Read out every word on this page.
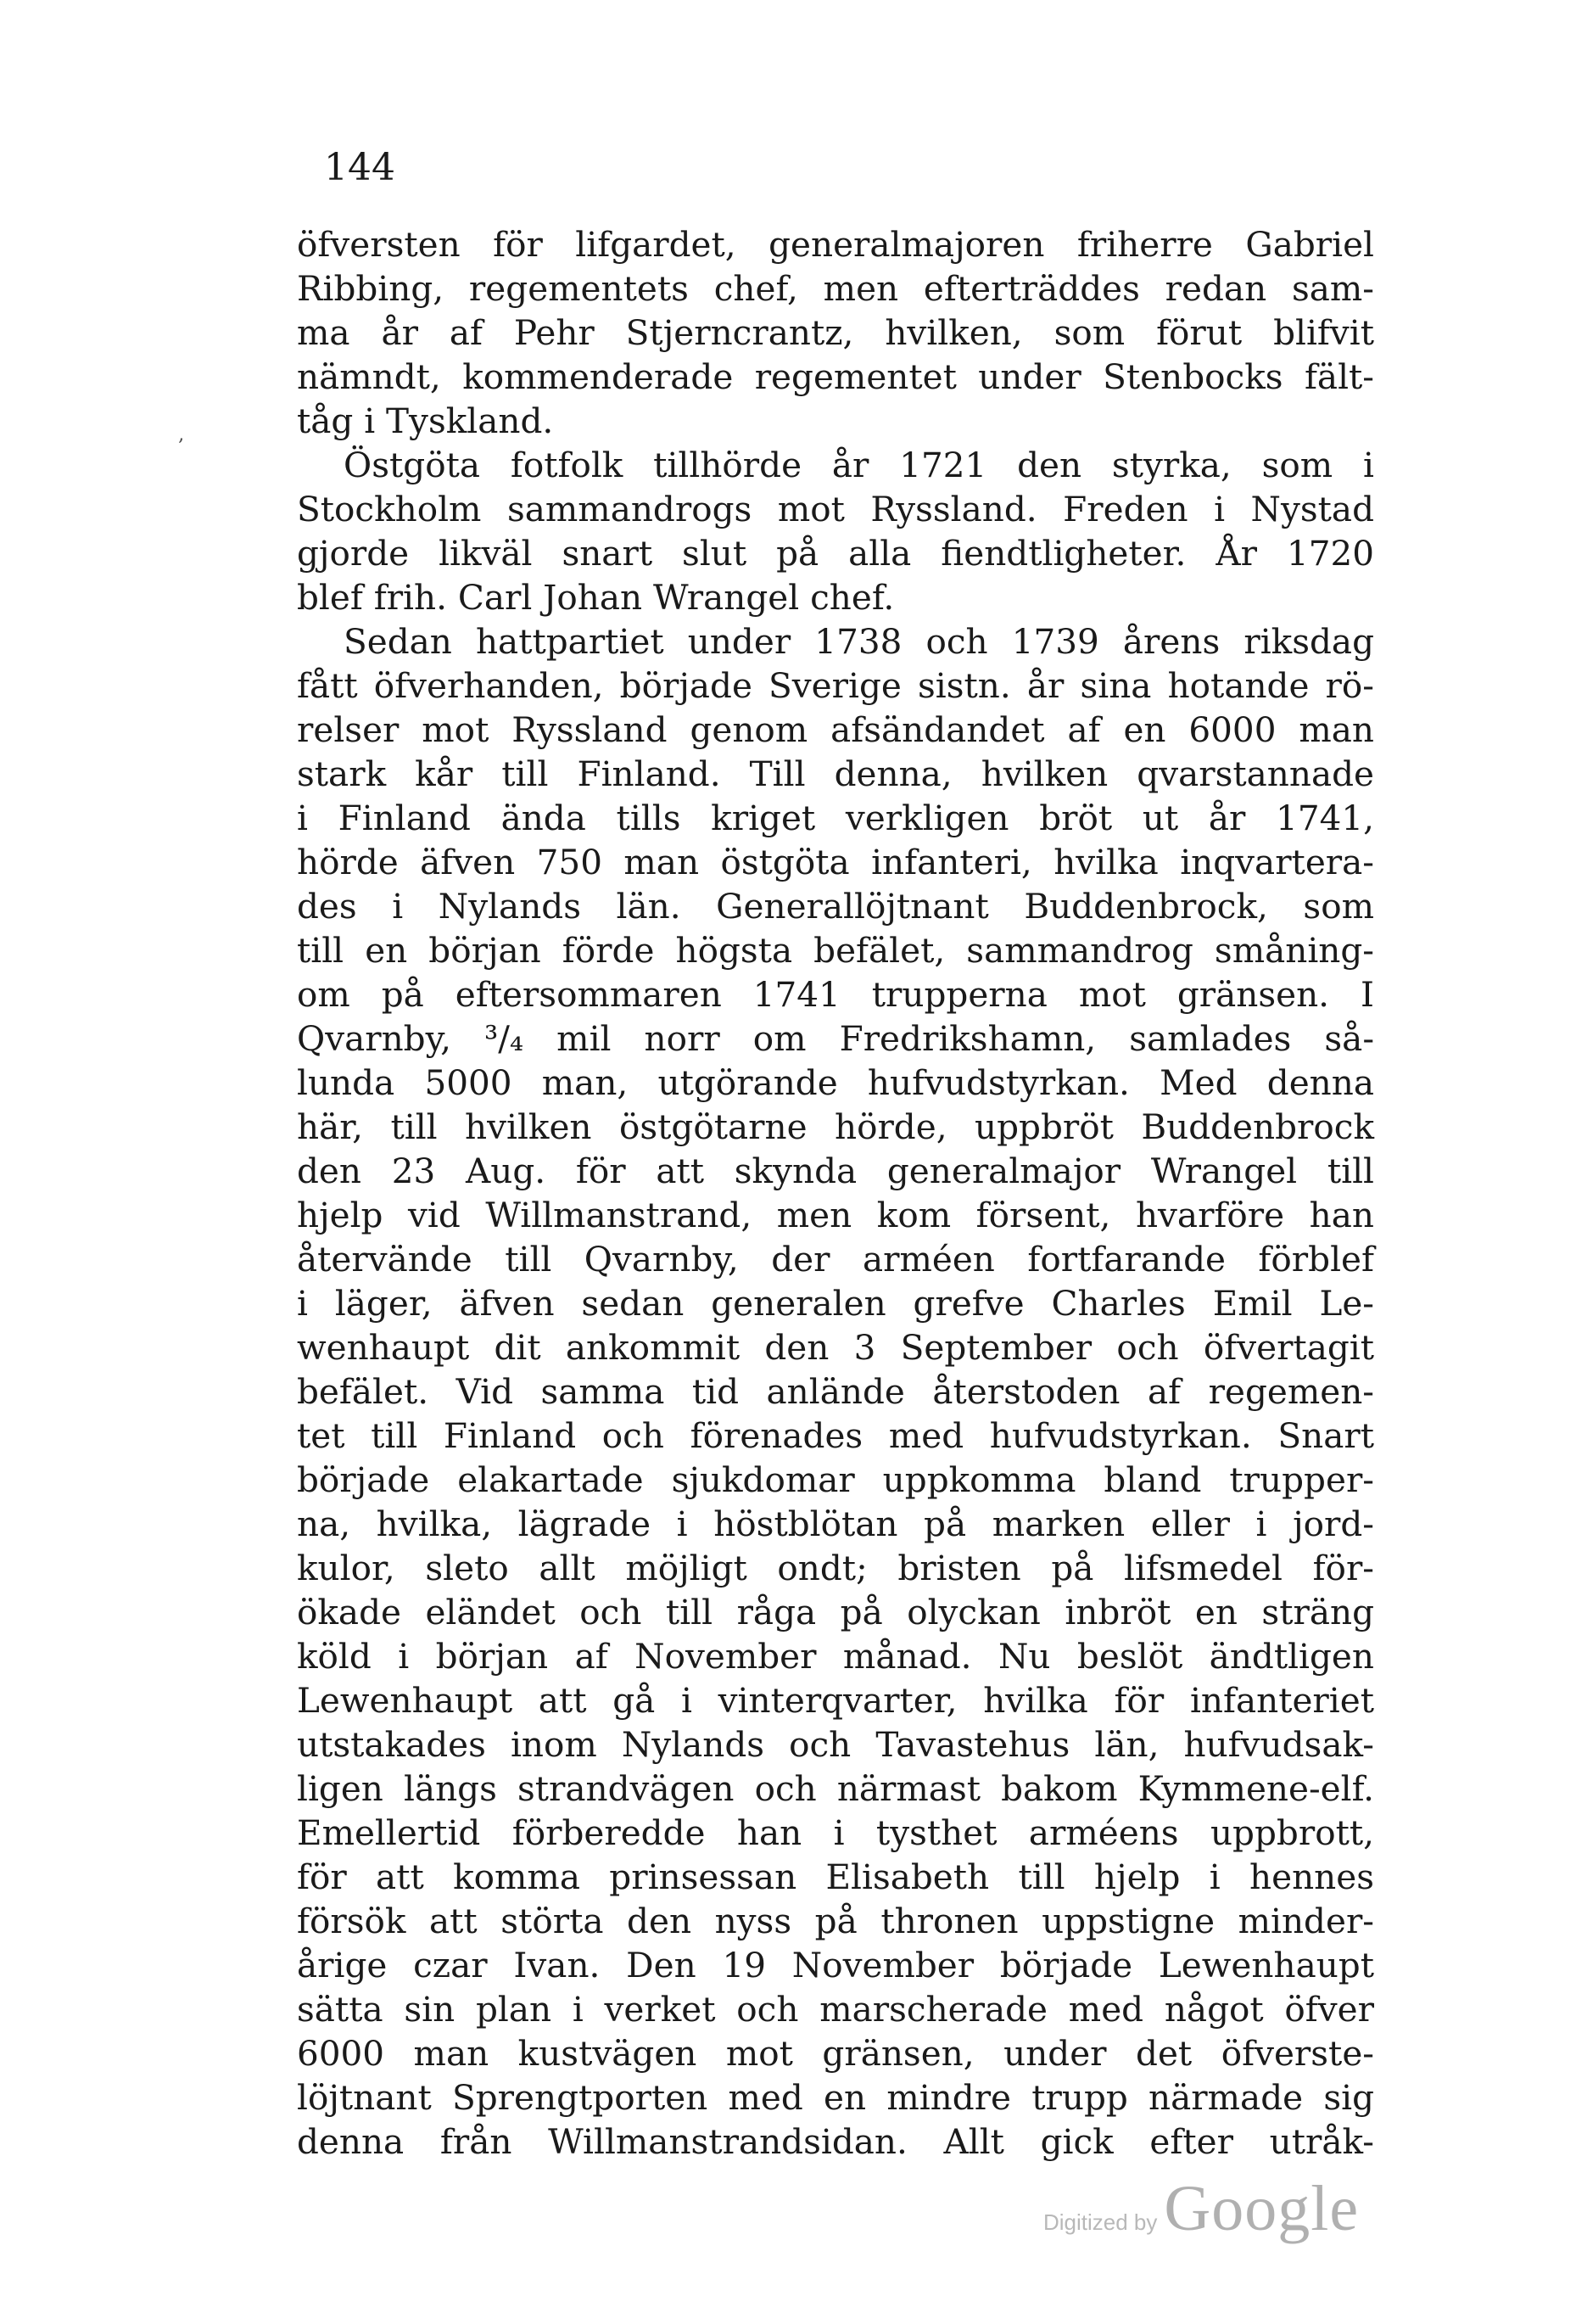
144
‚
öfversten för lifgardet, generalmajoren friherre Gabriel
Ribbing, regementets chef, men efterträddes redan sam-
ma år af Pehr Stjerncrantz, hvilken, som förut blifvit
nämndt, kommenderade regementet under Stenbocks fält-
tåg i Tyskland.
Östgöta fotfolk tillhörde år 1721 den styrka, som i
Stockholm sammandrogs mot Ryssland. Freden i Nystad
gjorde likväl snart slut på alla fiendtligheter. År 1720
blef frih. Carl Johan Wrangel chef.
Sedan hattpartiet under 1738 och 1739 årens riksdag
fått öfverhanden, började Sverige sistn. år sina hotande rö-
relser mot Ryssland genom afsändandet af en 6000 man
stark kår till Finland. Till denna, hvilken qvarstannade
i Finland ända tills kriget verkligen bröt ut år 1741,
hörde äfven 750 man östgöta infanteri, hvilka inqvartera-
des i Nylands län. Generallöjtnant Buddenbrock, som
till en början förde högsta befälet, sammandrog småning-
om på eftersommaren 1741 trupperna mot gränsen. I
Qvarnby, ³/₄ mil norr om Fredrikshamn, samlades så-
lunda 5000 man, utgörande hufvudstyrkan. Med denna
här, till hvilken östgötarne hörde, uppbröt Buddenbrock
den 23 Aug. för att skynda generalmajor Wrangel till
hjelp vid Willmanstrand, men kom försent, hvarföre han
återvände till Qvarnby, der arméen fortfarande förblef
i läger, äfven sedan generalen grefve Charles Emil Le-
wenhaupt dit ankommit den 3 September och öfvertagit
befälet. Vid samma tid anlände återstoden af regemen-
tet till Finland och förenades med hufvudstyrkan. Snart
började elakartade sjukdomar uppkomma bland trupper-
na, hvilka, lägrade i höstblötan på marken eller i jord-
kulor, sleto allt möjligt ondt; bristen på lifsmedel för-
ökade eländet och till råga på olyckan inbröt en sträng
köld i början af November månad. Nu beslöt ändtligen
Lewenhaupt att gå i vinterqvarter, hvilka för infanteriet
utstakades inom Nylands och Tavastehus län, hufvudsak-
ligen längs strandvägen och närmast bakom Kymmene-elf.
Emellertid förberedde han i tysthet arméens uppbrott,
för att komma prinsessan Elisabeth till hjelp i hennes
försök att störta den nyss på thronen uppstigne minder-
årige czar Ivan. Den 19 November började Lewenhaupt
sätta sin plan i verket och marscherade med något öfver
6000 man kustvägen mot gränsen, under det öfverste-
löjtnant Sprengtporten med en mindre trupp närmade sig
denna från Willmanstrandsidan. Allt gick efter utråk-
Digitized by Google
